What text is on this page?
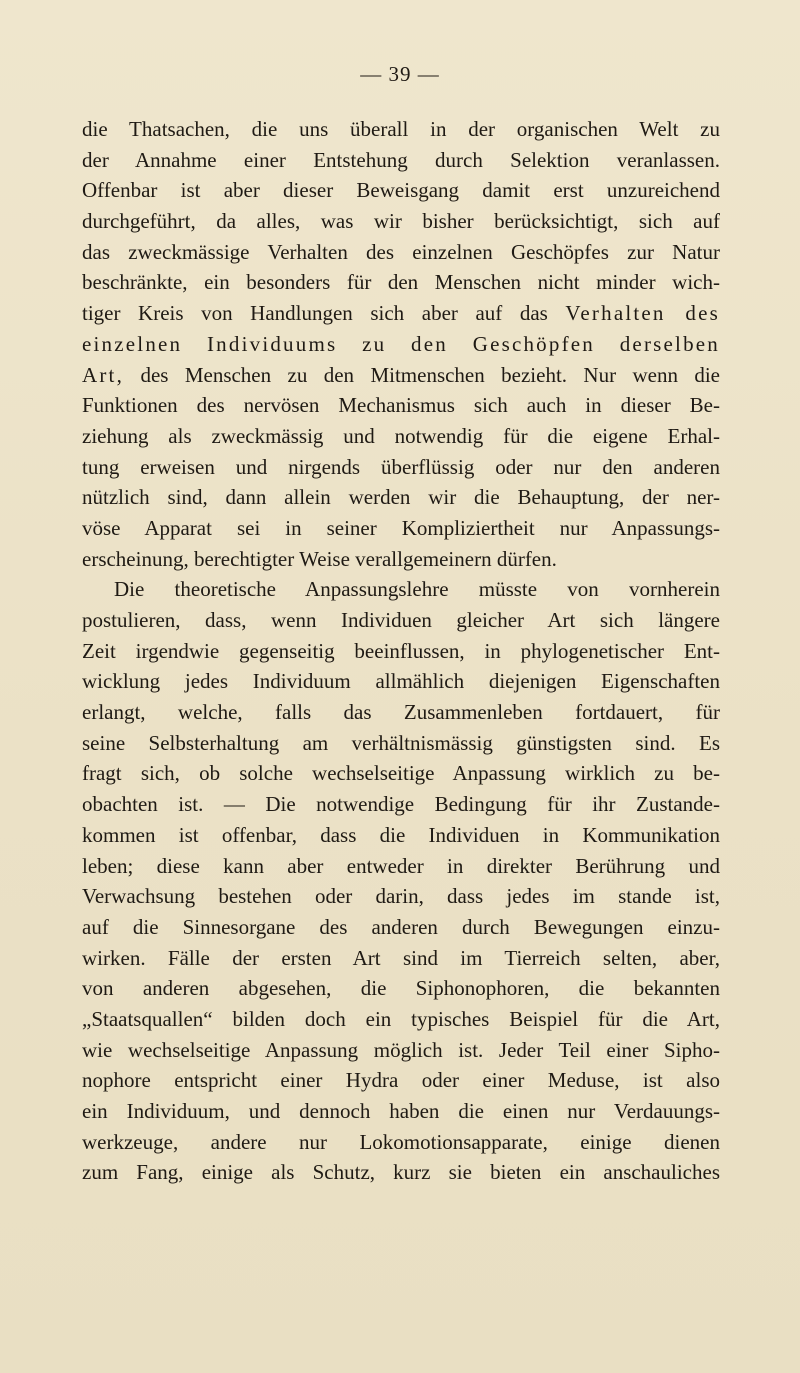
— 39 —
die Thatsachen, die uns überall in der organischen Welt zu
der Annahme einer Entstehung durch Selektion veranlassen.
Offenbar ist aber dieser Beweisgang damit erst unzureichend
durchgeführt, da alles, was wir bisher berücksichtigt, sich auf
das zweckmässige Verhalten des einzelnen Geschöpfes zur Natur
beschränkte, ein besonders für den Menschen nicht minder wich-
tiger Kreis von Handlungen sich aber auf das Verhalten des
einzelnen Individuums zu den Geschöpfen derselben
Art, des Menschen zu den Mitmenschen bezieht. Nur wenn die
Funktionen des nervösen Mechanismus sich auch in dieser Be-
ziehung als zweckmässig und notwendig für die eigene Erhal-
tung erweisen und nirgends überflüssig oder nur den anderen
nützlich sind, dann allein werden wir die Behauptung, der ner-
vöse Apparat sei in seiner Kompliziertheit nur Anpassungs-
erscheinung, berechtigter Weise verallgemeinern dürfen.
Die theoretische Anpassungslehre müsste von vornherein
postulieren, dass, wenn Individuen gleicher Art sich längere
Zeit irgendwie gegenseitig beeinflussen, in phylogenetischer Ent-
wicklung jedes Individuum allmählich diejenigen Eigenschaften
erlangt, welche, falls das Zusammenleben fortdauert, für
seine Selbsterhaltung am verhältnismässig günstigsten sind. Es
fragt sich, ob solche wechselseitige Anpassung wirklich zu be-
obachten ist. — Die notwendige Bedingung für ihr Zustande-
kommen ist offenbar, dass die Individuen in Kommunikation
leben; diese kann aber entweder in direkter Berührung und
Verwachsung bestehen oder darin, dass jedes im stande ist,
auf die Sinnesorgane des anderen durch Bewegungen einzu-
wirken. Fälle der ersten Art sind im Tierreich selten, aber,
von anderen abgesehen, die Siphonophoren, die bekannten
„Staatsquallen“ bilden doch ein typisches Beispiel für die Art,
wie wechselseitige Anpassung möglich ist. Jeder Teil einer Sipho-
nophore entspricht einer Hydra oder einer Meduse, ist also
ein Individuum, und dennoch haben die einen nur Verdauungs-
werkzeuge, andere nur Lokomotionsapparate, einige dienen
zum Fang, einige als Schutz, kurz sie bieten ein anschauliches
